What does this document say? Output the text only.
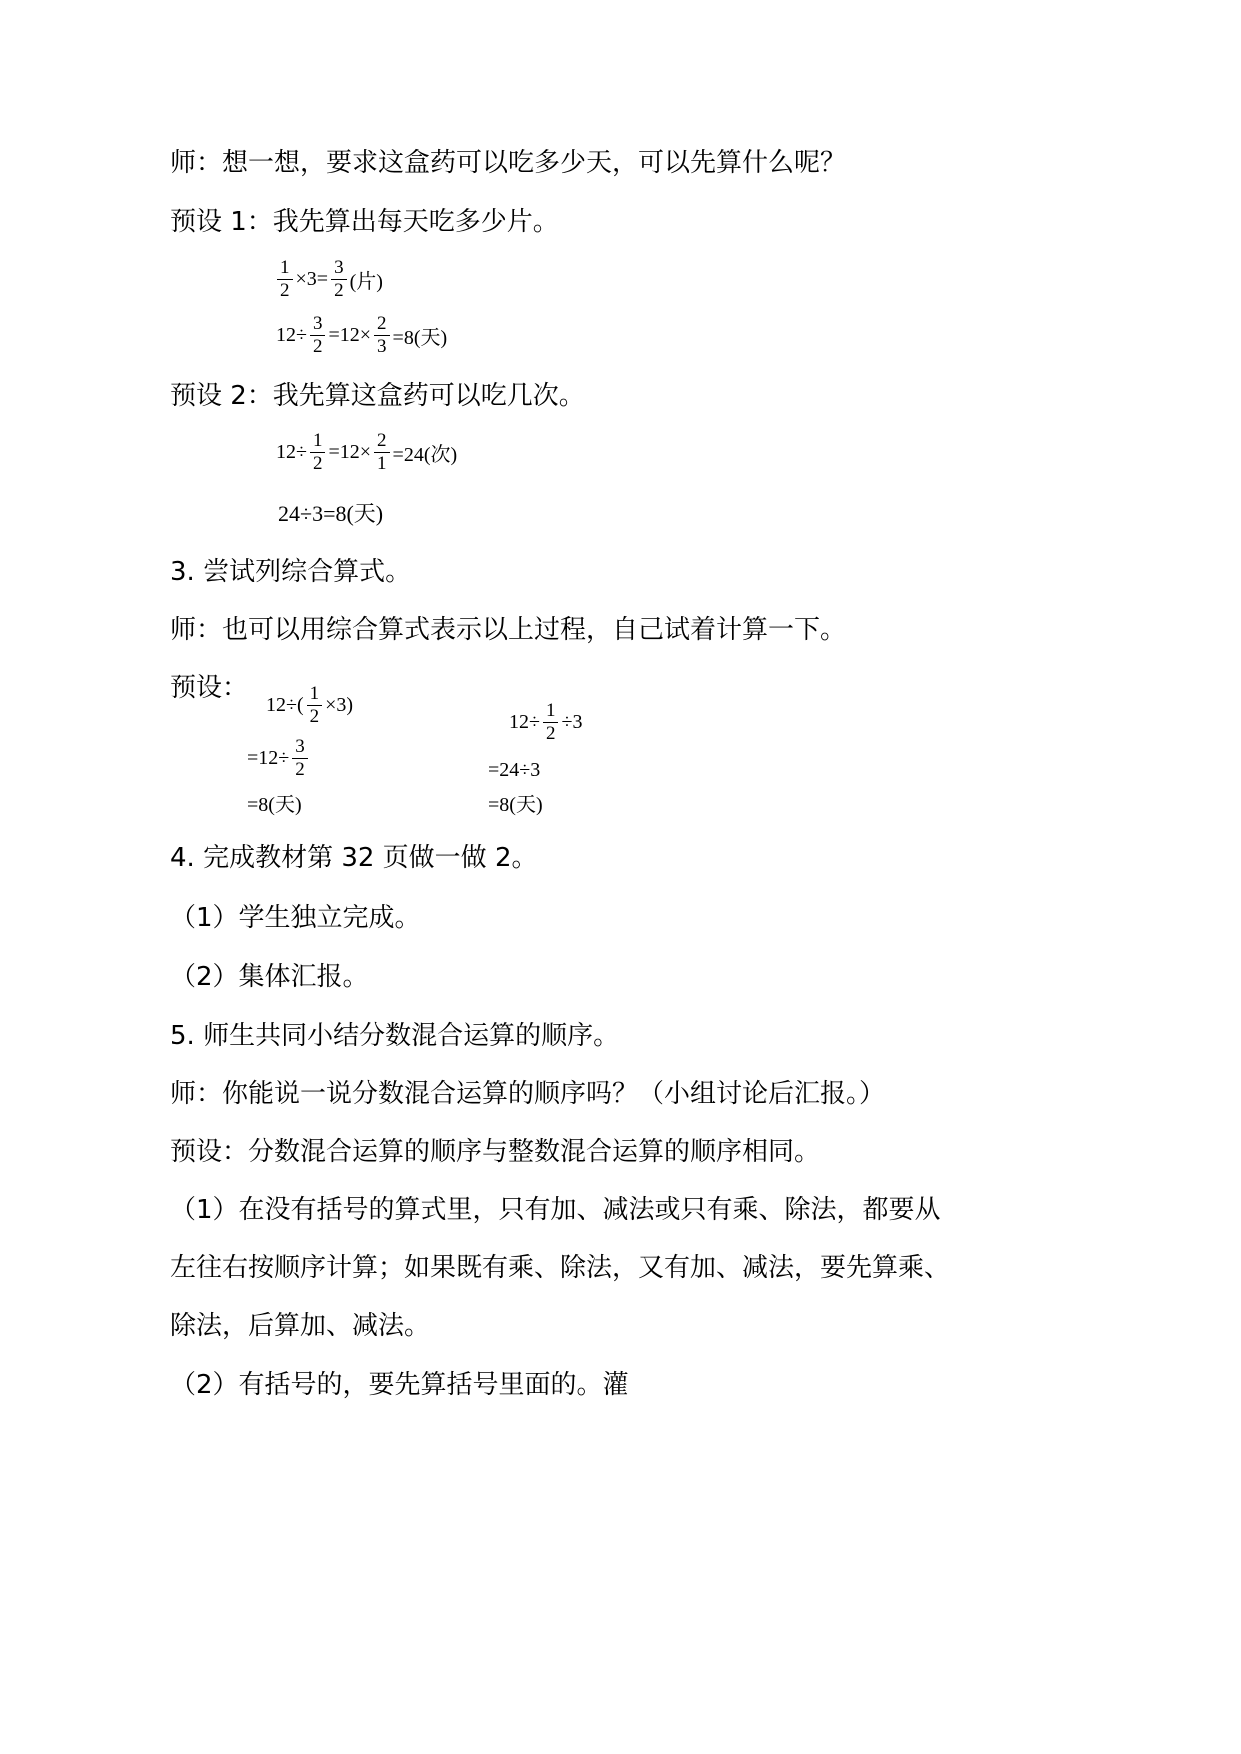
师：想一想，要求这盒药可以吃多少天，可以先算什么呢？
预设 1：我先算出每天吃多少片。
$\frac{1}{2} \times 3= \frac{3}{2}$ (片)
$12\div \frac{3}{2} =12\times \frac{2}{3} =8$(天)
预设 2：我先算这盒药可以吃几次。
$12\div \frac{1}{2} =12\times \frac{2}{1} =24$(次)
24÷3=8(天)
3. 尝试列综合算式。
师：也可以用综合算式表示以上过程，自己试着计算一下。
预设：
$12\div( \frac{1}{2} \times 3)$
$=12\div \frac{3}{2}$
=8(天)
$12\div \frac{1}{2} \div 3$
=24÷3
=8(天)
4. 完成教材第 32 页做一做 2。
（1）学生独立完成。
（2）集体汇报。
5. 师生共同小结分数混合运算的顺序。
师：你能说一说分数混合运算的顺序吗？（小组讨论后汇报。）
预设：分数混合运算的顺序与整数混合运算的顺序相同。
（1）在没有括号的算式里，只有加、减法或只有乘、除法，都要从
左往右按顺序计算；如果既有乘、除法，又有加、减法，要先算乘、
除法，后算加、减法。
（2）有括号的，要先算括号里面的。灌
